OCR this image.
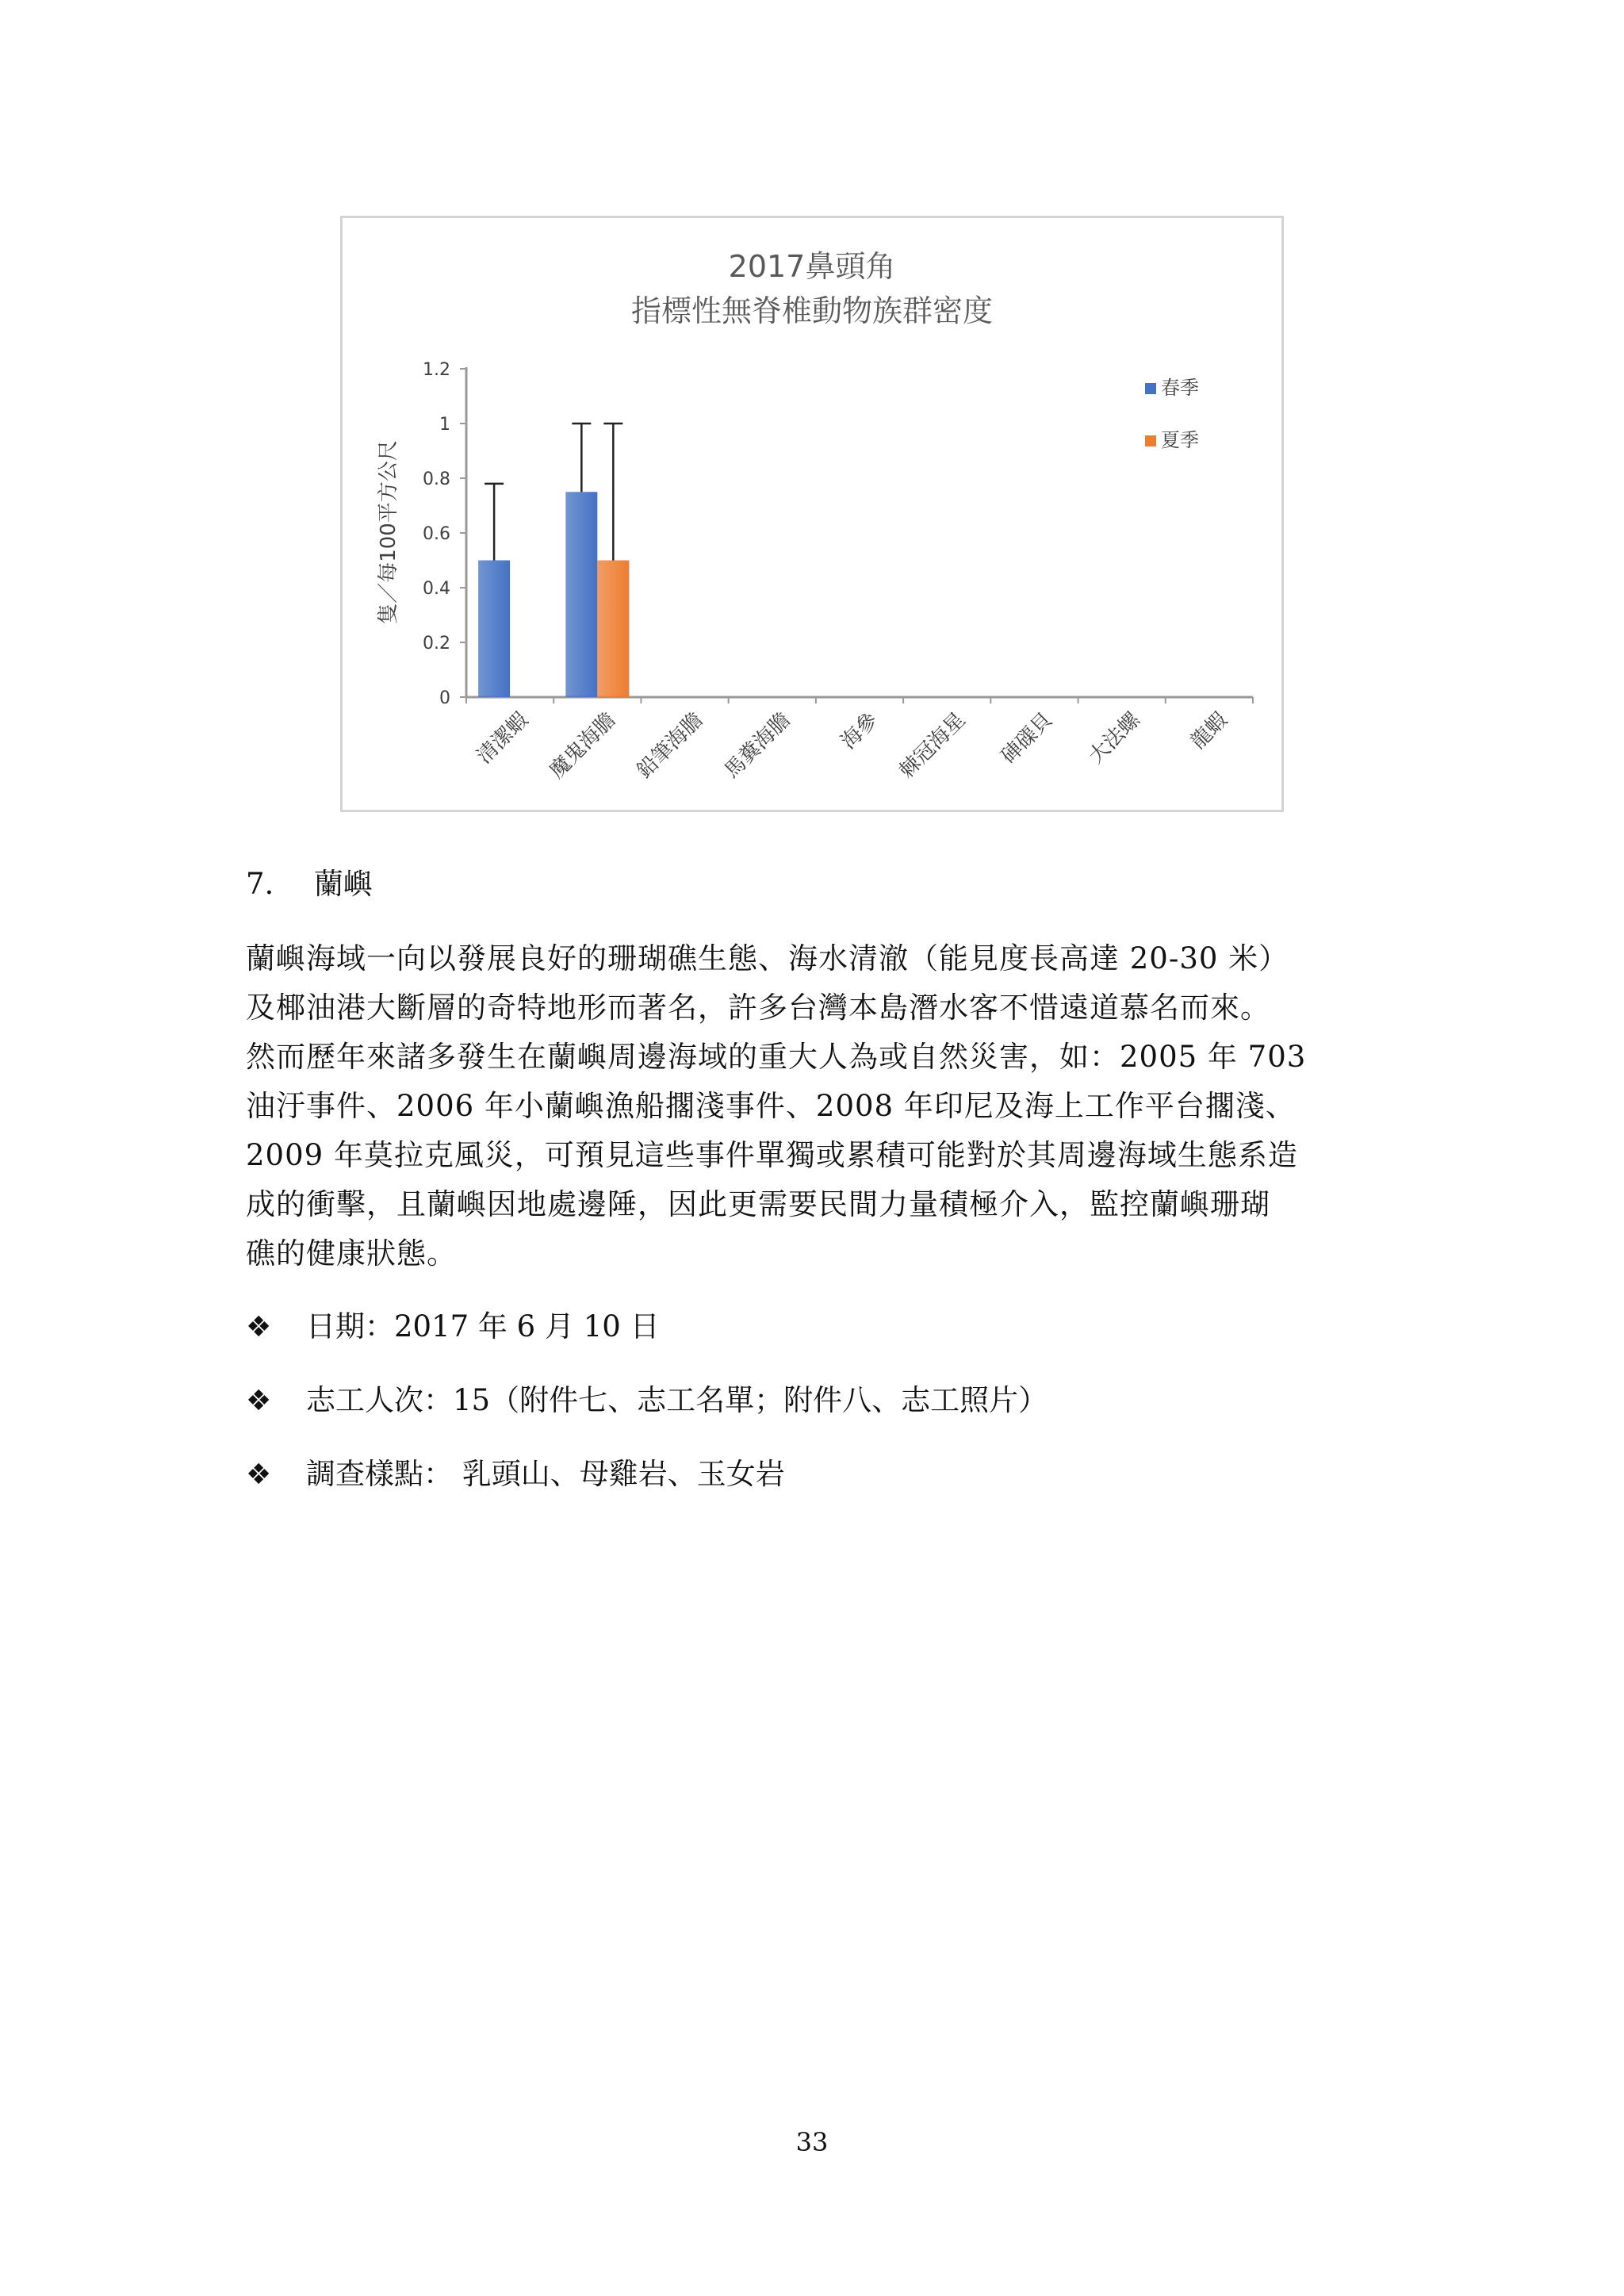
2017鼻頭角
指標性無脊椎動物族群密度
隻／每100平方公尺
0
0.2
0.4
0.6
0.8
1
1.2
清潔蝦 魔鬼海膽 鉛筆海膽 馬糞海膽 海參 棘冠海星 硨磲貝 大法螺 龍蝦
春季
夏季
7. 蘭嶼

蘭嶼海域一向以發展良好的珊瑚礁生態、海水清澈（能見度長高達 20-30 米）
及椰油港大斷層的奇特地形而著名，許多台灣本島潛水客不惜遠道慕名而來。
然而歷年來諸多發生在蘭嶼周邊海域的重大人為或自然災害，如：2005 年 703
油汙事件、2006 年小蘭嶼漁船擱淺事件、2008 年印尼及海上工作平台擱淺、
2009 年莫拉克風災，可預見這些事件單獨或累積可能對於其周邊海域生態系造
成的衝擊，且蘭嶼因地處邊陲，因此更需要民間力量積極介入，監控蘭嶼珊瑚
礁的健康狀態。

❖ 日期：2017 年 6 月 10 日
❖ 志工人次：15（附件七、志工名單；附件八、志工照片）
❖ 調查樣點： 乳頭山、母雞岩、玉女岩
33
